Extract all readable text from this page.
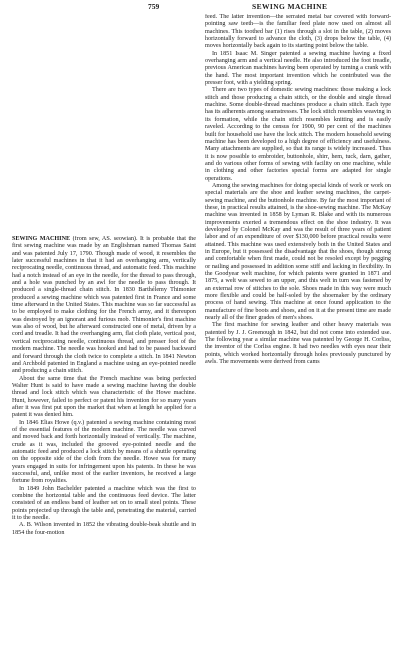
759	SEWING MACHINE

SEWING MACHINE (from sew, AS. seowian). It is probable that the first sewing machine was made by an Englishman named Thomas Saint and was patented July 17, 1790. Though made of wood, it resembles the later successful machines in that it had an overhanging arm, vertically reciprocating needle, continuous thread, and automatic feed. This machine had a notch instead of an eye in the needle, for the thread to pass through, and a hole was punched by an awl for the needle to pass through. It produced a single-thread chain stitch. In 1830 Barthélemy Thimonier produced a sewing machine which was patented first in France and some time afterward in the United States. This machine was so far successful as to be employed to make clothing for the French army, and it thereupon was destroyed by an ignorant and furious mob. Thimonier's first machine was also of wood, but he afterward constructed one of metal, driven by a cord and treadle. It had the overhanging arm, flat cloth plate, vertical post, vertical reciprocating needle, continuous thread, and presser foot of the modern machine. The needle was hooked and had to be passed backward and forward through the cloth twice to complete a stitch. In 1841 Newton and Archbold patented in England a machine using an eye-pointed needle and producing a chain stitch.

About the same time that the French machine was being perfected Walter Hunt is said to have made a sewing machine having the double thread and lock stitch which was characteristic of the Howe machine. Hunt, however, failed to perfect or patent his invention for so many years after it was first put upon the market that when at length he applied for a patent it was denied him.

In 1846 Elias Howe (q.v.) patented a sewing machine containing most of the essential features of the modern machine. The needle was curved and moved back and forth horizontally instead of vertically. The machine, crude as it was, included the grooved eye-pointed needle and the automatic feed and produced a lock stitch by means of a shuttle operating on the opposite side of the cloth from the needle. Howe was for many years engaged in suits for infringement upon his patents. In these he was successful, and, unlike most of the earlier inventors, he received a large fortune from royalties.

In 1849 John Bachelder patented a machine which was the first to combine the horizontal table and the continuous feed device. The latter consisted of an endless band of leather set on to small steel points. These points projected up through the table and, penetrating the material, carried it to the needle.

A. B. Wilson invented in 1852 the vibrating double-beak shuttle and in 1854 the four-motion

feed. The latter invention—the serrated metal bar covered with forward-pointing saw teeth—is the familiar feed plate now used on almost all machines. This toothed bar (1) rises through a slot in the table, (2) moves horizontally forward to advance the cloth, (3) drops below the table, (4) moves horizontally back again to its starting point below the table.

In 1851 Isaac M. Singer patented a sewing machine having a fixed overhanging arm and a vertical needle. He also introduced the foot treadle, previous American machines having been operated by turning a crank with the hand. The most important invention which he contributed was the presser foot, with a yielding spring.

There are two types of domestic sewing machines: those making a lock stitch and those producing a chain stitch, or the double and single thread machine. Some double-thread machines produce a chain stitch. Each type has its adherents among seamstresses. The lock stitch resembles weaving in its formation, while the chain stitch resembles knitting and is easily raveled. According to the census for 1900, 90 per cent of the machines built for household use have the lock stitch. The modern household sewing machine has been developed to a high degree of efficiency and usefulness. Many attachments are supplied, so that its range is widely increased. Thus it is now possible to embroider, buttonhole, shirr, hem, tuck, darn, gather, and do various other forms of sewing with facility on one machine, while in clothing and other factories special forms are adapted for single operations.

Among the sewing machines for doing special kinds of work or work on special materials are the shoe and leather sewing machines, the carpet-sewing machine, and the buttonhole machine. By far the most important of these, in practical results attained, is the shoe-sewing machine. The McKay machine was invented in 1858 by Lyman R. Blake and with its numerous improvements exerted a tremendous effect on the shoe industry. It was developed by Colonel McKay and was the result of three years of patient labor and of an expenditure of over $130,000 before practical results were attained. This machine was used extensively both in the United States and in Europe, but it possessed the disadvantage that the shoes, though strong and comfortable when first made, could not be resoled except by pegging or nailing and possessed in addition some stiff and lacking in flexibility. In the Goodyear welt machine, for which patents were granted in 1871 and 1875, a welt was sewed to an upper, and this welt in turn was fastened by an external row of stitches to the sole. Shoes made in this way were much more flexible and could be half-soled by the shoemaker by the ordinary process of hand sewing. This machine at once found application to the manufacture of fine boots and shoes, and on it at the present time are made nearly all of the finer grades of men's shoes.

The first machine for sewing leather and other heavy materials was patented by J. J. Greenough in 1842, but did not come into extended use. The following year a similar machine was patented by George H. Corliss, the inventor of the Corliss engine. It had two needles with eyes near their points, which worked horizontally through holes previously punctured by awls. The movements were derived from cams
